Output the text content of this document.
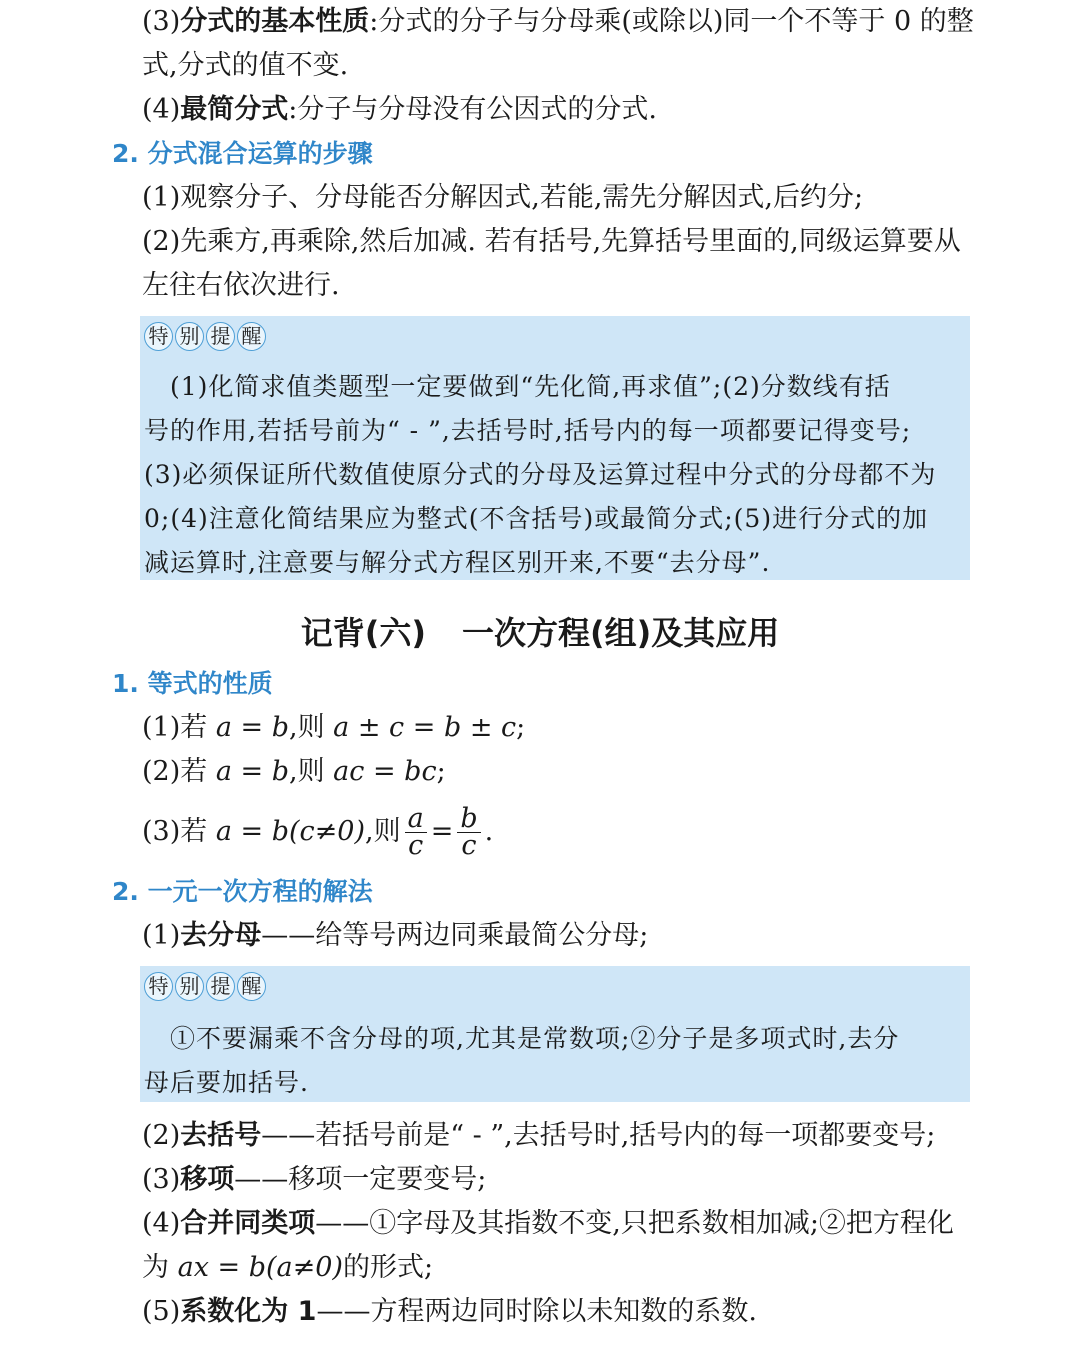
(3)分式的基本性质:分式的分子与分母乘(或除以)同一个不等于 0 的整
式,分式的值不变.
(4)最简分式:分子与分母没有公因式的分式.
2. 分式混合运算的步骤
(1)观察分子、分母能否分解因式,若能,需先分解因式,后约分;
(2)先乘方,再乘除,然后加减. 若有括号,先算括号里面的,同级运算要从
左往右依次进行.
特 别 提 醒
　(1)化简求值类题型一定要做到“先化简,再求值”;(2)分数线有括
号的作用,若括号前为“ - ”,去括号时,括号内的每一项都要记得变号;
(3)必须保证所代数值使原分式的分母及运算过程中分式的分母都不为
0;(4)注意化简结果应为整式(不含括号)或最简分式;(5)进行分式的加
减运算时,注意要与解分式方程区别开来,不要“去分母”.
记背(六) 一次方程(组)及其应用
1. 等式的性质
(1)若 a = b,则 a ± c = b ± c;
(2)若 a = b,则 ac = bc;
(3)若 a = b(c≠0),则 $\frac{a}{c} = \frac{b}{c}$ .
2. 一元一次方程的解法
(1)去分母——给等号两边同乘最简公分母;
特 别 提 醒
　①不要漏乘不含分母的项,尤其是常数项;②分子是多项式时,去分
母后要加括号.
(2)去括号——若括号前是“ - ”,去括号时,括号内的每一项都要变号;
(3)移项——移项一定要变号;
(4)合并同类项——①字母及其指数不变,只把系数相加减;②把方程化
为 ax = b(a≠0)的形式;
(5)系数化为 1——方程两边同时除以未知数的系数.
